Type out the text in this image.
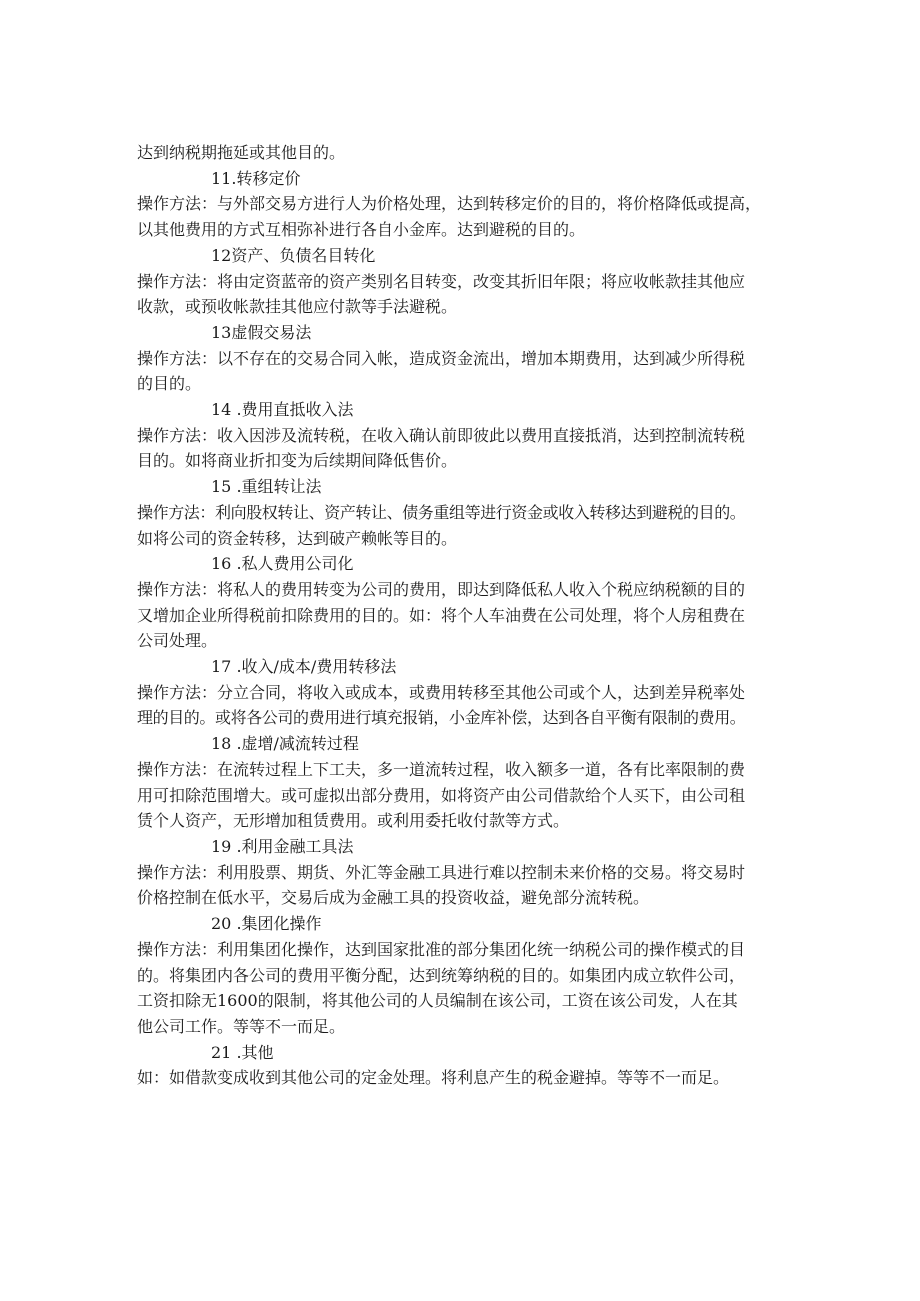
达到纳税期拖延或其他目的。
11.转移定价
操作方法：与外部交易方进行人为价格处理，达到转移定价的目的，将价格降低或提高，
以其他费用的方式互相弥补进行各自小金库。达到避税的目的。
12资产、负债名目转化
操作方法：将由定资蓝帝的资产类别名目转变，改变其折旧年限；将应收帐款挂其他应
收款，或预收帐款挂其他应付款等手法避税。
13虚假交易法
操作方法：以不存在的交易合同入帐，造成资金流出，增加本期费用，达到减少所得税
的目的。
14 .费用直抵收入法
操作方法：收入因涉及流转税，在收入确认前即彼此以费用直接抵消，达到控制流转税
目的。如将商业折扣变为后续期间降低售价。
15 .重组转让法
操作方法：利向股权转让、资产转让、债务重组等进行资金或收入转移达到避税的目的。
如将公司的资金转移，达到破产赖帐等目的。
16 .私人费用公司化
操作方法：将私人的费用转变为公司的费用，即达到降低私人收入个税应纳税额的目的
又增加企业所得税前扣除费用的目的。如：将个人车油费在公司处理，将个人房租费在
公司处理。
17 .收入/成本/费用转移法
操作方法：分立合同，将收入或成本，或费用转移至其他公司或个人，达到差异税率处
理的目的。或将各公司的费用进行填充报销，小金库补偿，达到各自平衡有限制的费用。
18 .虚增/减流转过程
操作方法：在流转过程上下工夫，多一道流转过程，收入额多一道，各有比率限制的费
用可扣除范围增大。或可虚拟出部分费用，如将资产由公司借款给个人买下，由公司租
赁个人资产，无形增加租赁费用。或利用委托收付款等方式。
19 .利用金融工具法
操作方法：利用股票、期货、外汇等金融工具进行难以控制未来价格的交易。将交易时
价格控制在低水平，交易后成为金融工具的投资收益，避免部分流转税。
20 .集团化操作
操作方法：利用集团化操作，达到国家批准的部分集团化统一纳税公司的操作模式的目
的。将集团内各公司的费用平衡分配，达到统筹纳税的目的。如集团内成立软件公司，
工资扣除无1600的限制，将其他公司的人员编制在该公司，工资在该公司发，人在其
他公司工作。等等不一而足。
21 .其他
如：如借款变成收到其他公司的定金处理。将利息产生的税金避掉。等等不一而足。
